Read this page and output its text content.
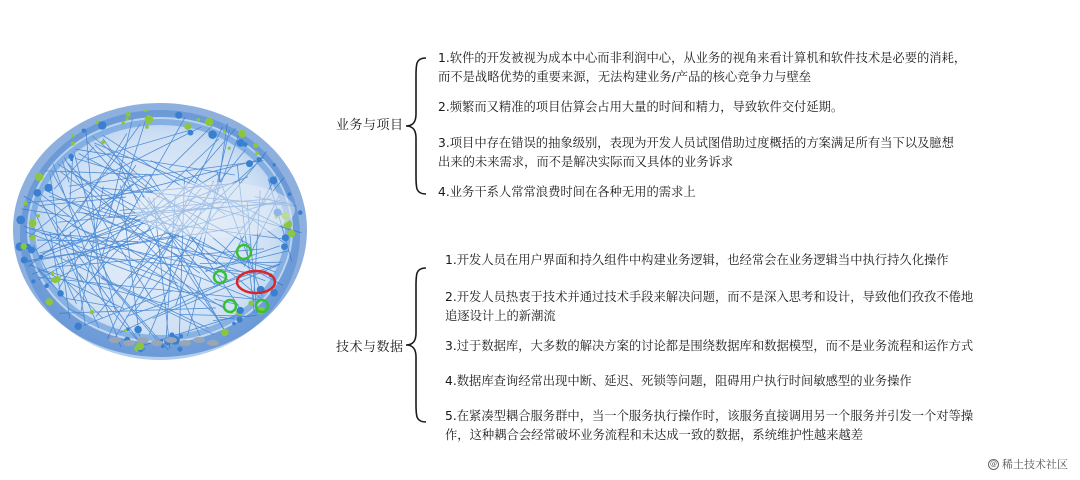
业务与项目
1.软件的开发被视为成本中心而非利润中心，从业务的视角来看计算机和软件技术是必要的消耗，
而不是战略优势的重要来源，无法构建业务/产品的核心竞争力与壁垒
2.频繁而又精准的项目估算会占用大量的时间和精力，导致软件交付延期。
3.项目中存在错误的抽象级别，表现为开发人员试图借助过度概括的方案满足所有当下以及臆想
出来的未来需求，而不是解决实际而又具体的业务诉求
4.业务干系人常常浪费时间在各种无用的需求上
技术与数据
1.开发人员在用户界面和持久组件中构建业务逻辑，也经常会在业务逻辑当中执行持久化操作
2.开发人员热衷于技术并通过技术手段来解决问题，而不是深入思考和设计，导致他们孜孜不倦地
追逐设计上的新潮流
3.过于数据库，大多数的解决方案的讨论都是围绕数据库和数据模型，而不是业务流程和运作方式
4.数据库查询经常出现中断、延迟、死锁等问题，阻碍用户执行时间敏感型的业务操作
5.在紧凑型耦合服务群中，当一个服务执行操作时，该服务直接调用另一个服务并引发一个对等操
作，这种耦合会经常破坏业务流程和未达成一致的数据，系统维护性越来越差
@ 稀土技术社区
